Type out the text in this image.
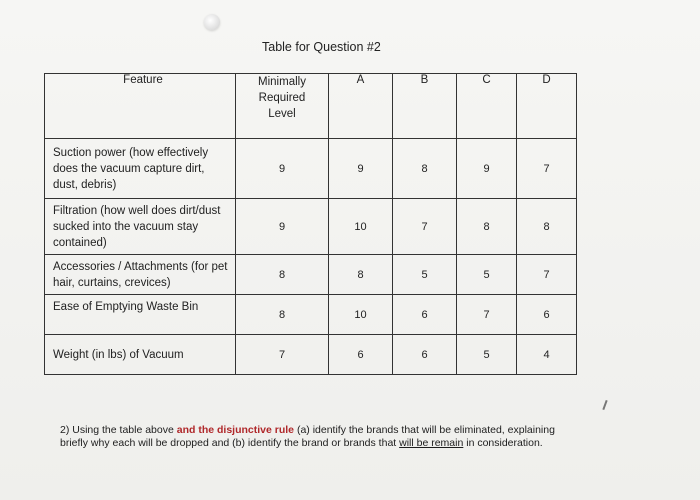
Table for Question #2
Feature	Minimally Required Level	A	B	C	D
Suction power (how effectively does the vacuum capture dirt, dust, debris)	9	9	8	9	7
Filtration (how well does dirt/dust sucked into the vacuum stay contained)	9	10	7	8	8
Accessories / Attachments (for pet hair, curtains, crevices)	8	8	5	5	7
Ease of Emptying Waste Bin	8	10	6	7	6
Weight (in lbs) of Vacuum	7	6	6	5	4
2) Using the table above and the disjunctive rule (a) identify the brands that will be eliminated, explaining briefly why each will be dropped and (b) identify the brand or brands that will be remain in consideration.
